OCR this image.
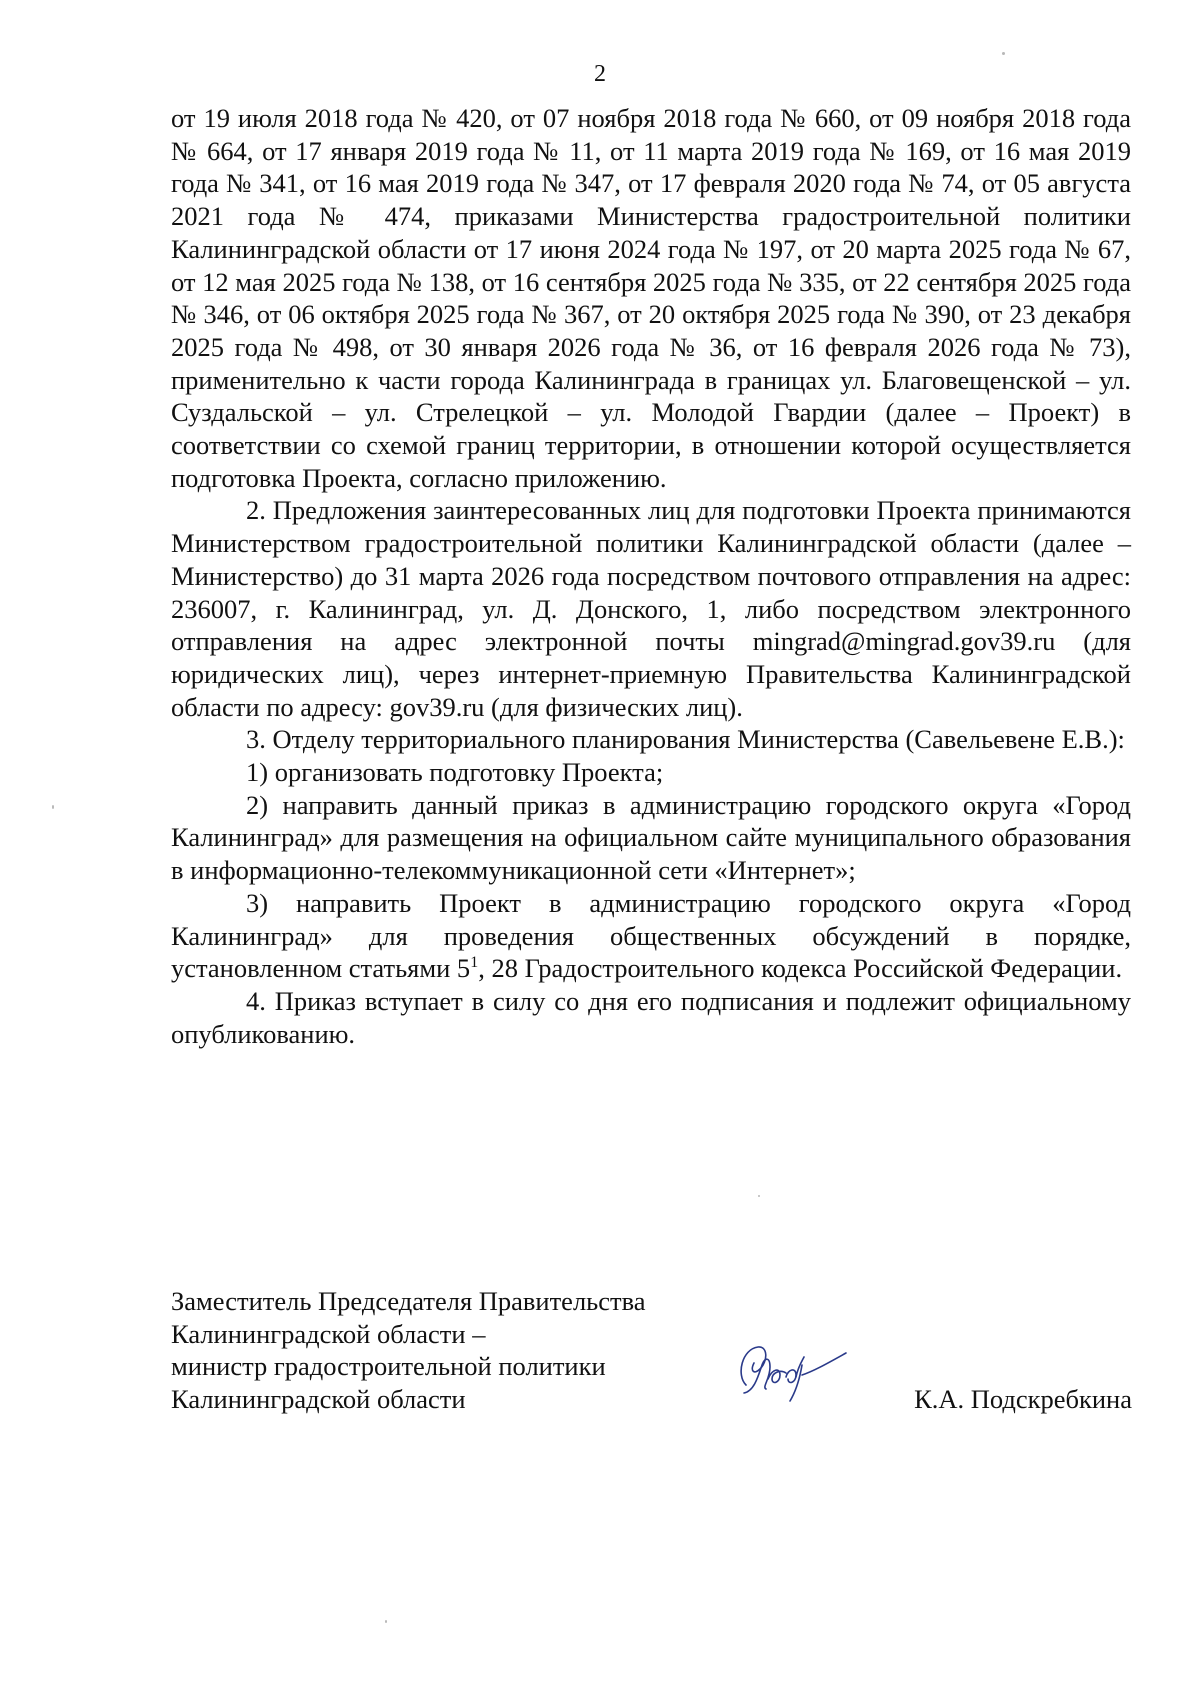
2

от 19 июля 2018 года № 420, от 07 ноября 2018 года № 660, от 09 ноября 2018 года № 664, от 17 января 2019 года № 11, от 11 марта 2019 года № 169, от 16 мая 2019 года № 341, от 16 мая 2019 года № 347, от 17 февраля 2020 года № 74, от 05 августа 2021 года № 474, приказами Министерства градостроительной политики Калининградской области от 17 июня 2024 года № 197, от 20 марта 2025 года № 67, от 12 мая 2025 года № 138, от 16 сентября 2025 года № 335, от 22 сентября 2025 года № 346, от 06 октября 2025 года № 367, от 20 октября 2025 года № 390, от 23 декабря 2025 года № 498, от 30 января 2026 года № 36, от 16 февраля 2026 года № 73), применительно к части города Калининграда в границах ул. Благовещенской – ул. Суздальской – ул. Стрелецкой – ул. Молодой Гвардии (далее – Проект) в соответствии со схемой границ территории, в отношении которой осуществляется подготовка Проекта, согласно приложению.

2. Предложения заинтересованных лиц для подготовки Проекта принимаются Министерством градостроительной политики Калининградской области (далее – Министерство) до 31 марта 2026 года посредством почтового отправления на адрес: 236007, г. Калининград, ул. Д. Донского, 1, либо посредством электронного отправления на адрес электронной почты mingrad@mingrad.gov39.ru (для юридических лиц), через интернет-приемную Правительства Калининградской области по адресу: gov39.ru (для физических лиц).

3. Отделу территориального планирования Министерства (Савельевене Е.В.):

1) организовать подготовку Проекта;

2) направить данный приказ в администрацию городского округа «Город Калининград» для размещения на официальном сайте муниципального образования в информационно-телекоммуникационной сети «Интернет»;

3) направить Проект в администрацию городского округа «Город Калининград» для проведения общественных обсуждений в порядке, установленном статьями $5^1$, 28 Градостроительного кодекса Российской Федерации.

4. Приказ вступает в силу со дня его подписания и подлежит официальному опубликованию.

Заместитель Председателя Правительства
Калининградской области –
министр градостроительной политики
Калининградской области	К.А. Подскребкина
